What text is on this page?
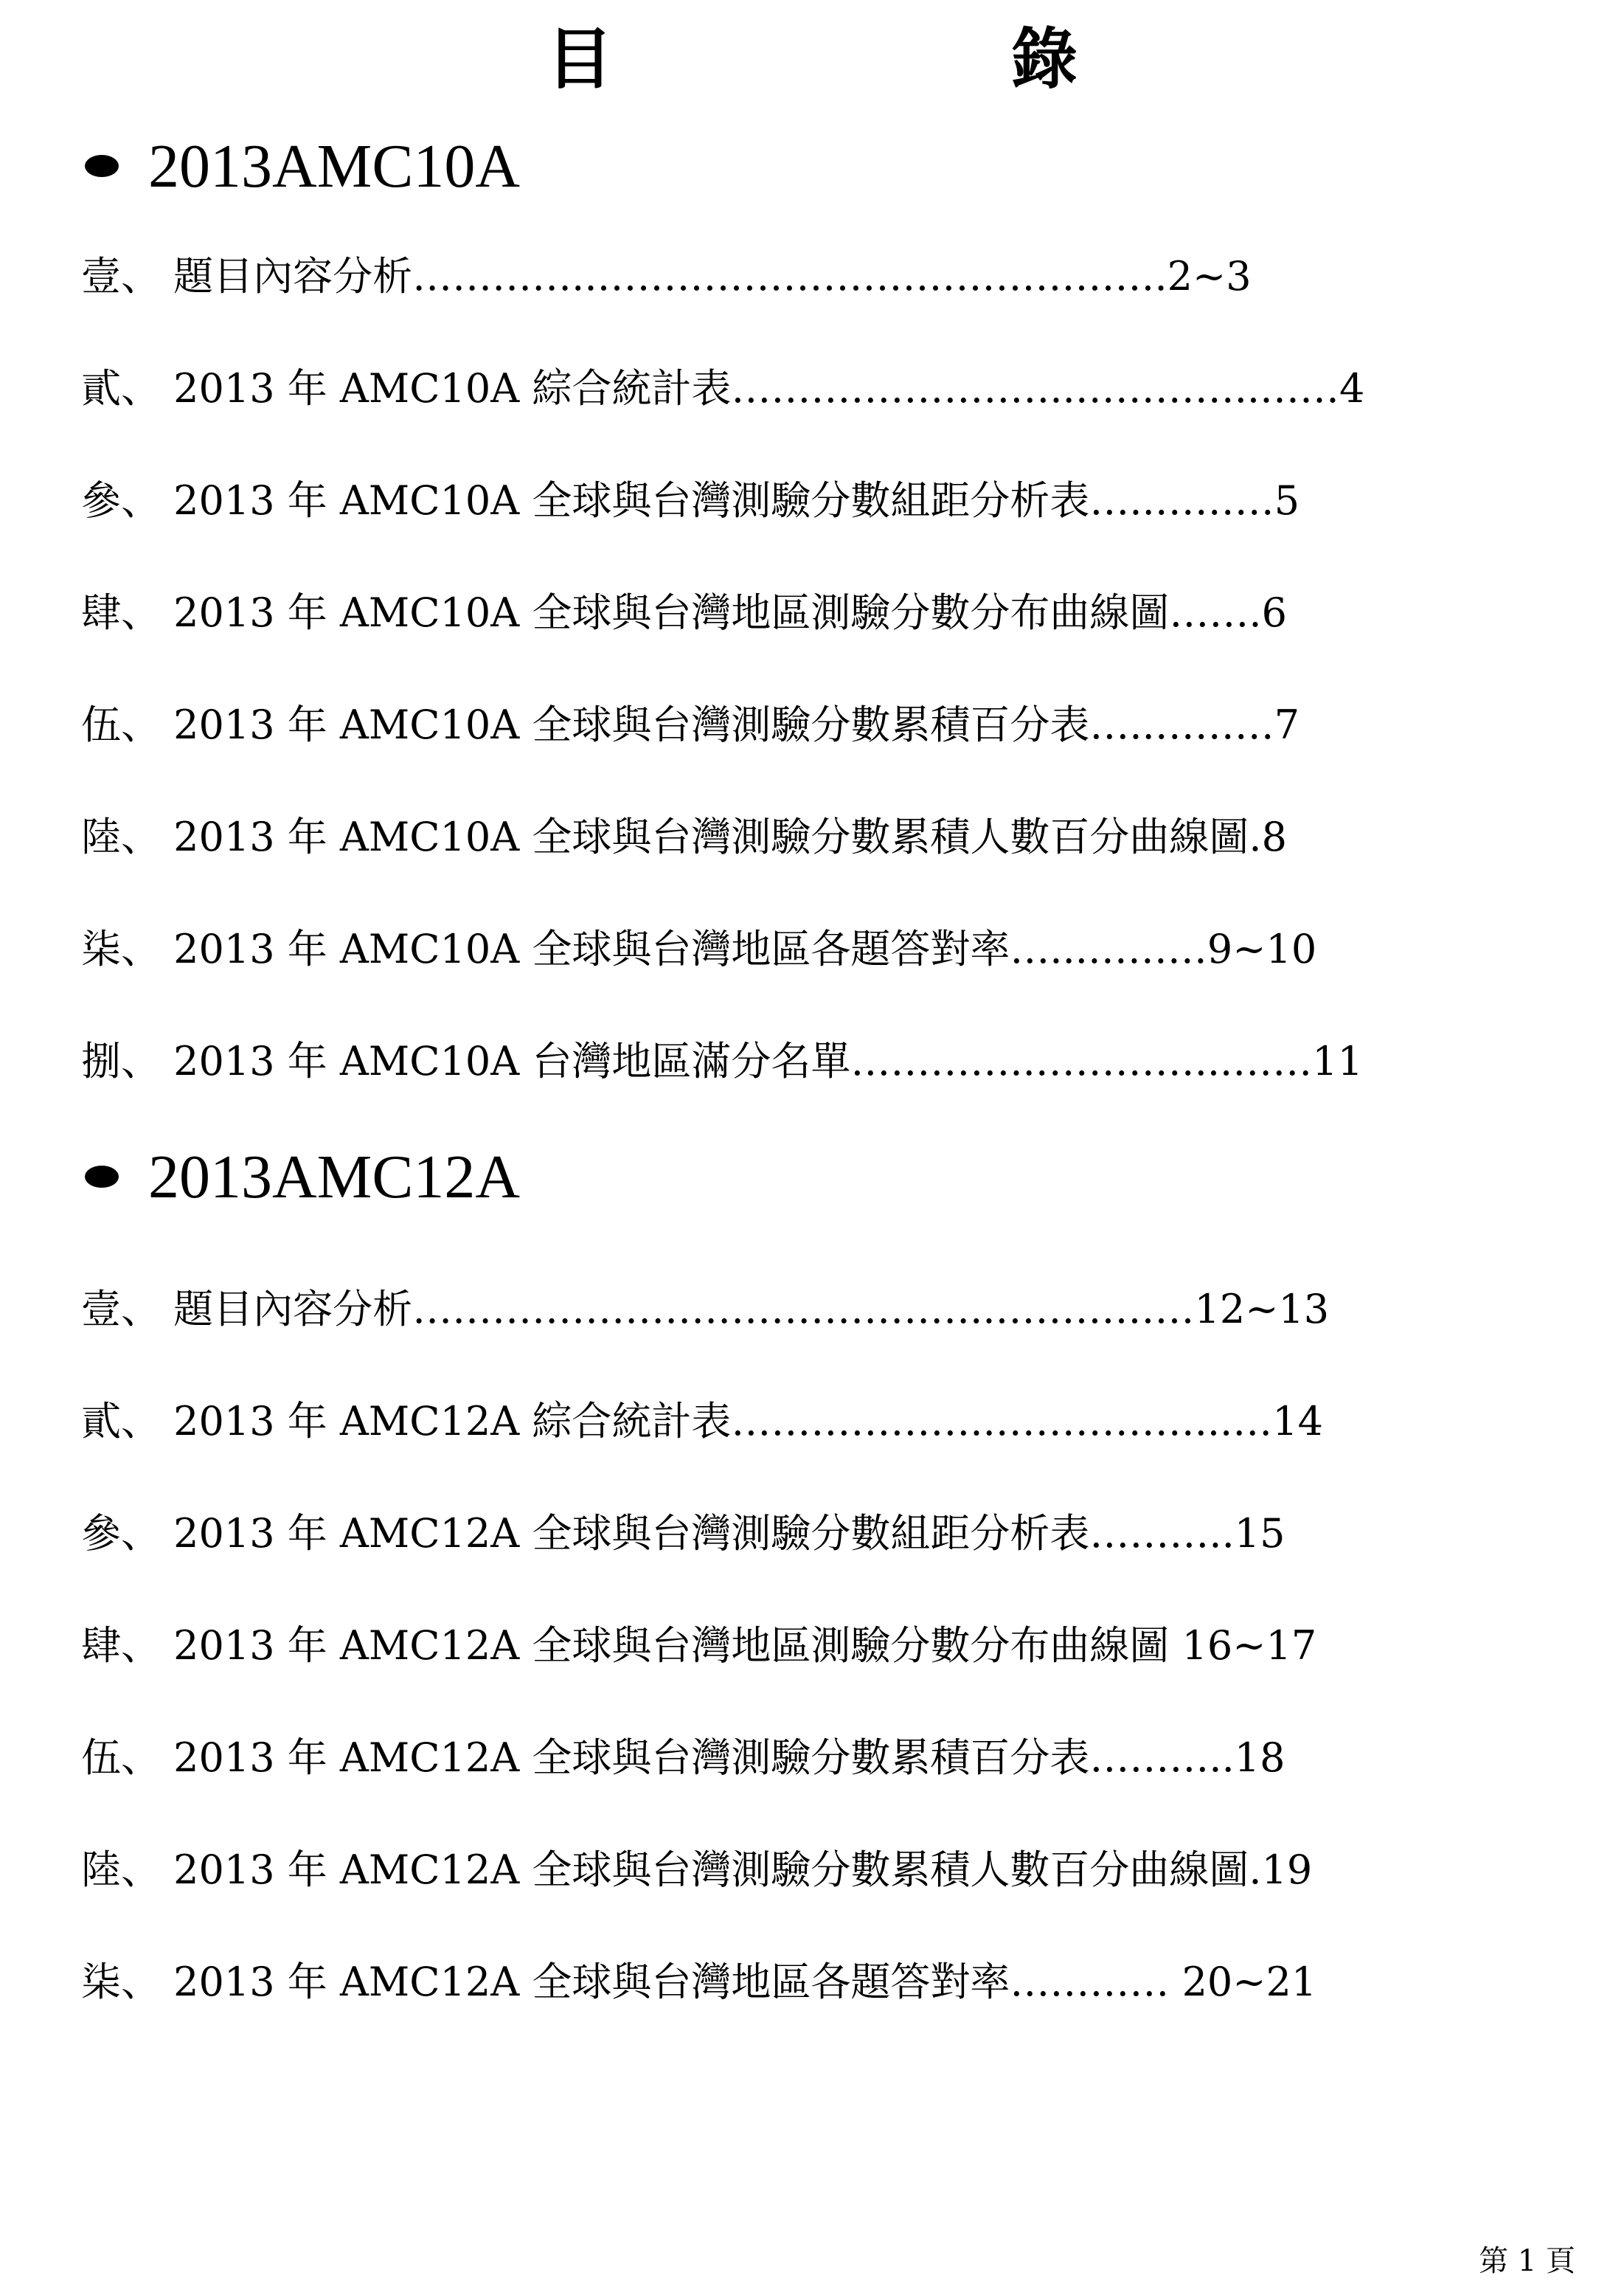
目　　錄
2013AMC10A
壹、 題目內容分析…………..…………………………………….2~3
貳、 2013 年 AMC10A 綜合統計表……………………..…………..……4
參、 2013 年 AMC10A 全球與台灣測驗分數組距分析表…..………5
肆、 2013 年 AMC10A 全球與台灣地區測驗分數分布曲線圖…….6
伍、 2013 年 AMC10A 全球與台灣測驗分數累積百分表…..………7
陸、 2013 年 AMC10A 全球與台灣測驗分數累積人數百分曲線圖.8
柒、 2013 年 AMC10A 全球與台灣地區各題答對率…...………9~10
捌、 2013 年 AMC10A 台灣地區滿分名單…………..…………...……11
2013AMC12A
壹、 題目內容分析……………………………………..……………12~13
貳、 2013 年 AMC12A 綜合統計表………………..……………...…14
參、 2013 年 AMC12A 全球與台灣測驗分數組距分析表………..15
肆、 2013 年 AMC12A 全球與台灣地區測驗分數分布曲線圖 16~17
伍、 2013 年 AMC12A 全球與台灣測驗分數累積百分表………..18
陸、 2013 年 AMC12A 全球與台灣測驗分數累積人數百分曲線圖.19
柒、 2013 年 AMC12A 全球與台灣地區各題答對率………… 20~21
第 1 頁
